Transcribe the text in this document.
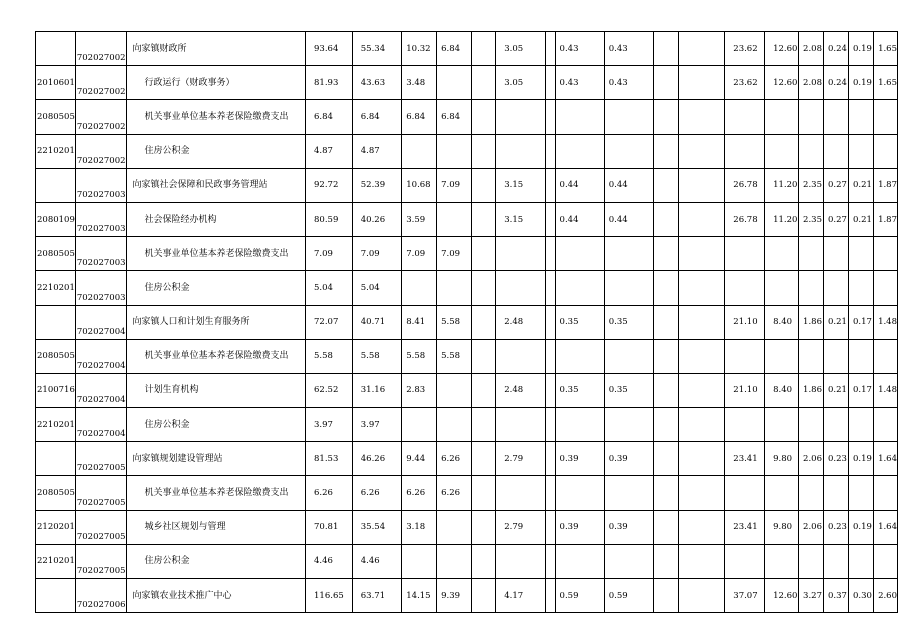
	702027002	向家镇财政所	93.64	55.34	10.32	6.84		3.05		0.43	0.43			23.62	12.60	2.08	0.24	0.19	1.65
2010601	702027002	行政运行（财政事务）	81.93	43.63	3.48			3.05		0.43	0.43			23.62	12.60	2.08	0.24	0.19	1.65
2080505	702027002	机关事业单位基本养老保险缴费支出	6.84	6.84	6.84	6.84													
2210201	702027002	住房公积金	4.87	4.87															
	702027003	向家镇社会保障和民政事务管理站	92.72	52.39	10.68	7.09		3.15		0.44	0.44			26.78	11.20	2.35	0.27	0.21	1.87
2080109	702027003	社会保险经办机构	80.59	40.26	3.59			3.15		0.44	0.44			26.78	11.20	2.35	0.27	0.21	1.87
2080505	702027003	机关事业单位基本养老保险缴费支出	7.09	7.09	7.09	7.09													
2210201	702027003	住房公积金	5.04	5.04															
	702027004	向家镇人口和计划生育服务所	72.07	40.71	8.41	5.58		2.48		0.35	0.35			21.10	8.40	1.86	0.21	0.17	1.48
2080505	702027004	机关事业单位基本养老保险缴费支出	5.58	5.58	5.58	5.58													
2100716	702027004	计划生育机构	62.52	31.16	2.83			2.48		0.35	0.35			21.10	8.40	1.86	0.21	0.17	1.48
2210201	702027004	住房公积金	3.97	3.97															
	702027005	向家镇规划建设管理站	81.53	46.26	9.44	6.26		2.79		0.39	0.39			23.41	9.80	2.06	0.23	0.19	1.64
2080505	702027005	机关事业单位基本养老保险缴费支出	6.26	6.26	6.26	6.26													
2120201	702027005	城乡社区规划与管理	70.81	35.54	3.18			2.79		0.39	0.39			23.41	9.80	2.06	0.23	0.19	1.64
2210201	702027005	住房公积金	4.46	4.46															
	702027006	向家镇农业技术推广中心	116.65	63.71	14.15	9.39		4.17		0.59	0.59			37.07	12.60	3.27	0.37	0.30	2.60
